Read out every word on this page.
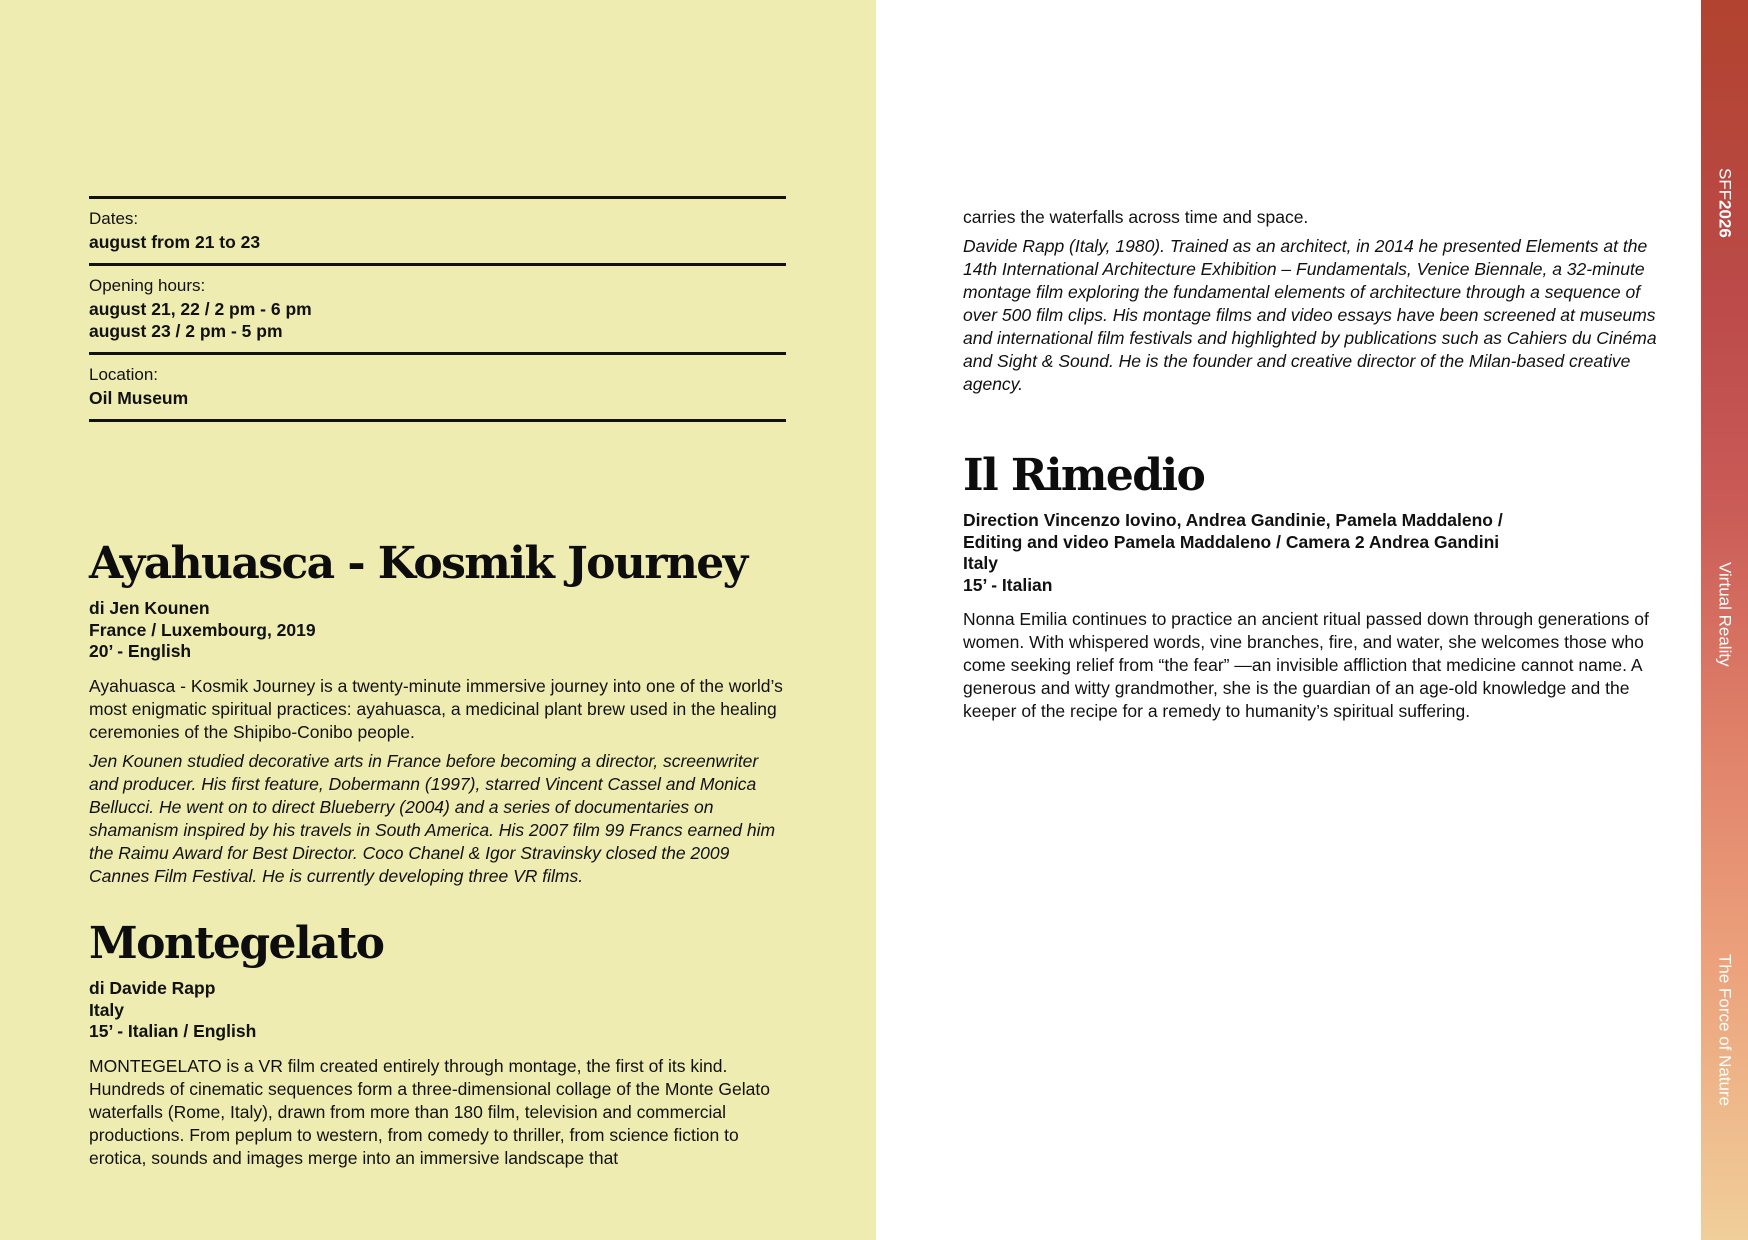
SFF
2026
Virtual Reality
The Force of Nature
Dates:
august from 21 to 23
Opening hours:
august 21, 22 / 2 pm - 6 pm
august 23 / 2 pm - 5 pm
Location:
Oil Museum
Ayahuasca - Kosmik Journey
di Jen Kounen
France / Luxembourg, 2019
20’ - English

Ayahuasca - Kosmik Journey is a twenty-minute immersive journey into one of the world’s most enigmatic spiritual practices: ayahuasca, a medicinal plant brew used in the healing ceremonies of the Shipibo-Conibo people.

Jen Kounen studied decorative arts in France before becoming a director, screenwriter and producer. His first feature, Dobermann (1997), starred Vincent Cassel and Monica Bellucci. He went on to direct Blueberry (2004) and a series of documentaries on shamanism inspired by his travels in South America. His 2007 film 99 Francs earned him the Raimu Award for Best Director. Coco Chanel & Igor Stravinsky closed the 2009 Cannes Film Festival. He is currently developing three VR films.

Montegelato
di Davide Rapp
Italy
15’ - Italian / English

MONTEGELATO is a VR film created entirely through montage, the first of its kind. Hundreds of cinematic sequences form a three-dimensional collage of the Monte Gelato waterfalls (Rome, Italy), drawn from more than 180 film, television and commercial productions. From peplum to western, from comedy to thriller, from science fiction to erotica, sounds and images merge into an immersive landscape that

carries the waterfalls across time and space.

Davide Rapp (Italy, 1980). Trained as an architect, in 2014 he presented Elements at the 14th International Architecture Exhibition – Fundamentals, Venice Biennale, a 32-minute montage film exploring the fundamental elements of architecture through a sequence of over 500 film clips. His montage films and video essays have been screened at museums and international film festivals and highlighted by publications such as Cahiers du Cinéma and Sight & Sound. He is the founder and creative director of the Milan-based creative agency.

Il Rimedio
Direction Vincenzo Iovino, Andrea Gandinie, Pamela Maddaleno /
Editing and video Pamela Maddaleno / Camera 2 Andrea Gandini
Italy
15’ - Italian

Nonna Emilia continues to practice an ancient ritual passed down through generations of women. With whispered words, vine branches, fire, and water, she welcomes those who come seeking relief from “the fear” —an invisible affliction that medicine cannot name. A generous and witty grandmother, she is the guardian of an age-old knowledge and the keeper of the recipe for a remedy to humanity’s spiritual suffering.
